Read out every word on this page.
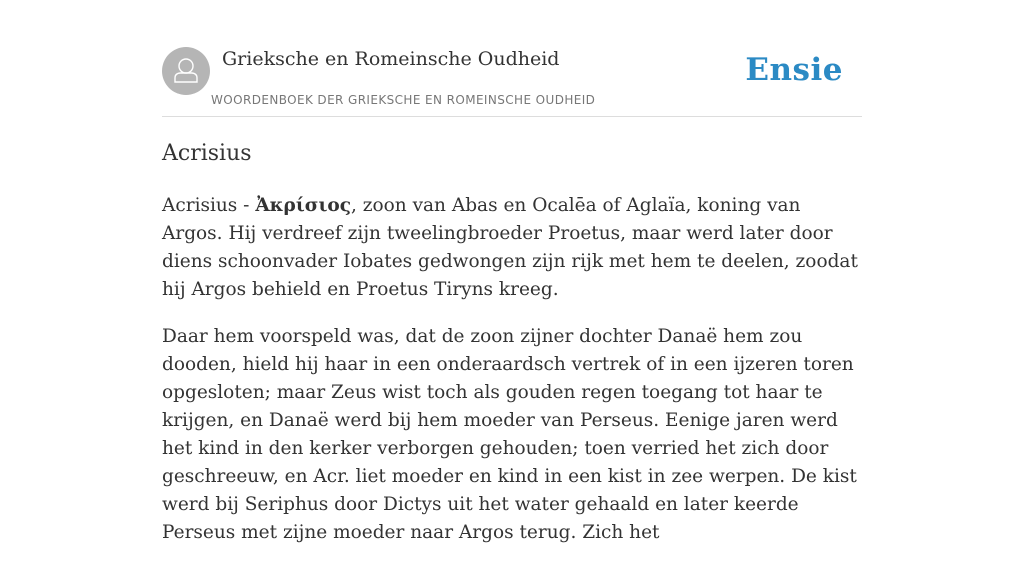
Grieksche en Romeinsche Oudheid
WOORDENBOEK DER GRIEKSCHE EN ROMEINSCHE OUDHEID
Ensie
Acrisius

Acrisius - Ἀκρίσιος, zoon van Abas en Ocalēa of Aglaïa, koning van Argos. Hij verdreef zijn tweelingbroeder Proetus, maar werd later door diens schoonvader Iobates gedwongen zijn rijk met hem te deelen, zoodat hij Argos behield en Proetus Tiryns kreeg.

Daar hem voorspeld was, dat de zoon zijner dochter Danaë hem zou dooden, hield hij haar in een onderaardsch vertrek of in een ijzeren toren opgesloten; maar Zeus wist toch als gouden regen toegang tot haar te krijgen, en Danaë werd bij hem moeder van Perseus. Eenige jaren werd het kind in den kerker verborgen gehouden; toen verried het zich door geschreeuw, en Acr. liet moeder en kind in een kist in zee werpen. De kist werd bij Seriphus door Dictys uit het water gehaald en later keerde Perseus met zijne moeder naar Argos terug. Zich het
